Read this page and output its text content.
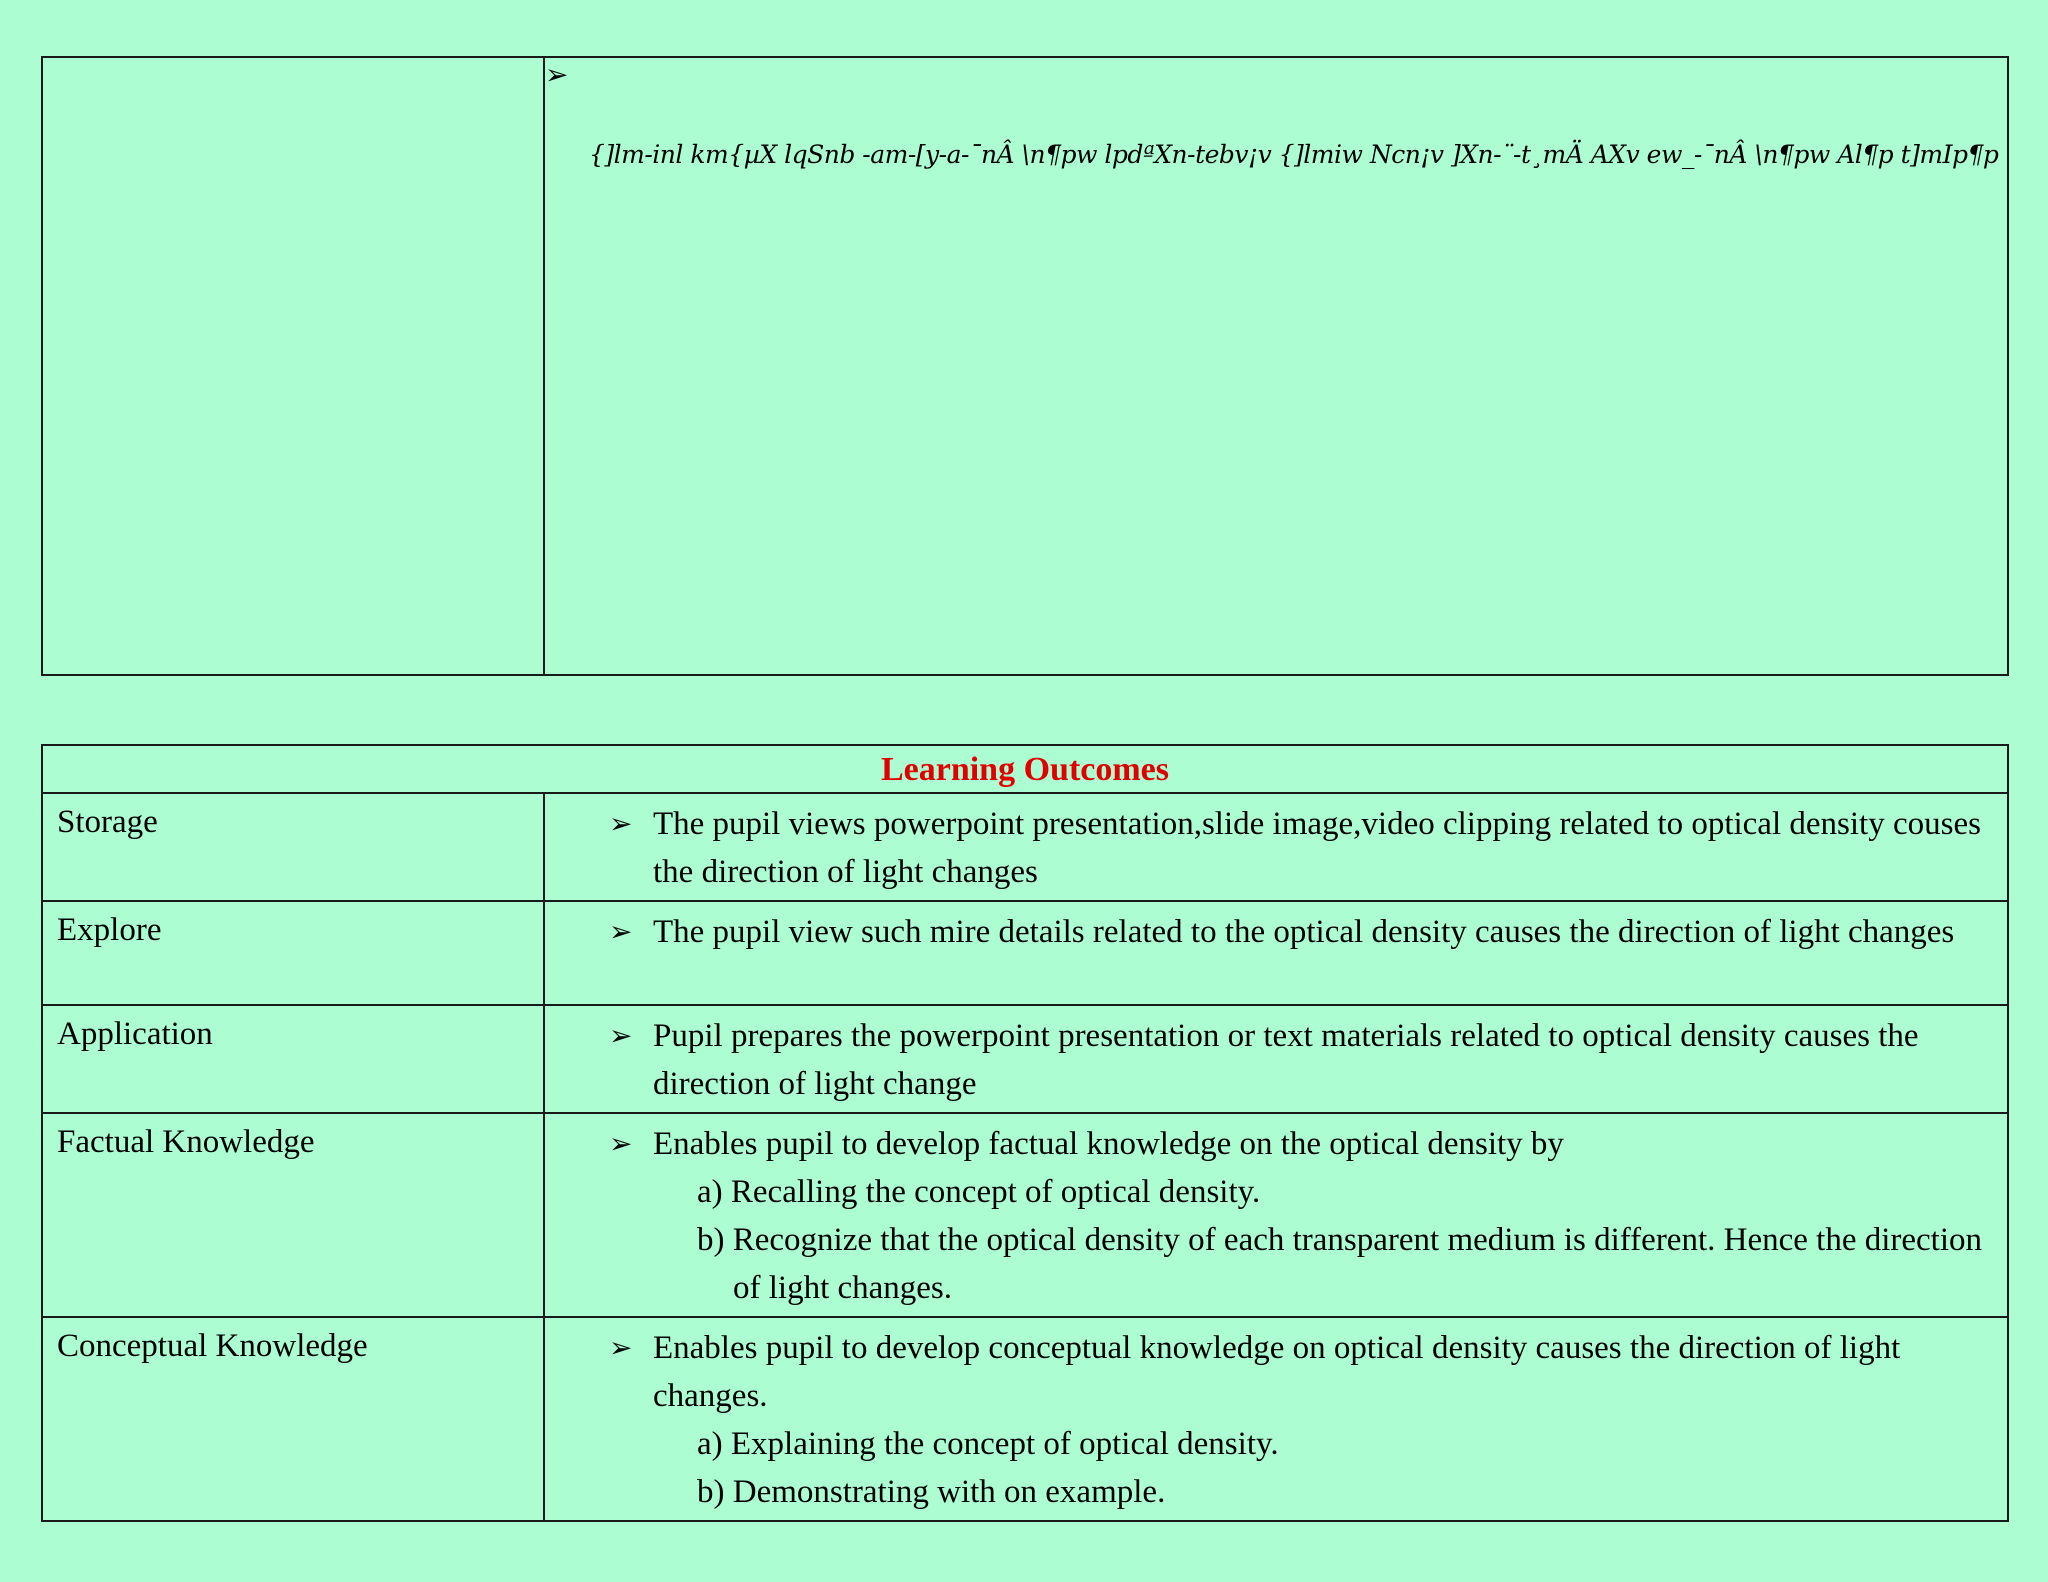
➢
{]lm-inl km{µX lqSnb -am-[y-a-¯nÂ \n¶pw lpdªXn-tebv¡v {]lmiw Ncn¡v ]Xn-¨-t¸mÄ AXv ew_-¯nÂ \n¶pw Al¶p t]mIp¶p
Learning Outcomes	
Storage	➢ The pupil views powerpoint presentation,slide image,video clipping related to optical density couses the direction of light changes

Explore	➢ The pupil view such mire details related to the optical density causes the direction of light changes

Application	➢ Pupil prepares the powerpoint presentation or text materials related to optical density causes the direction of light change

Factual Knowledge	➢ Enables pupil to develop factual knowledge on the optical density by
a) Recalling the concept of optical density.
b) Recognize that the optical density of each transparent medium is different. Hence the direction of light changes.

Conceptual Knowledge	➢ Enables pupil to develop conceptual knowledge on optical density causes the direction of light changes.
a) Explaining the concept of optical density.
b) Demonstrating with on example.
